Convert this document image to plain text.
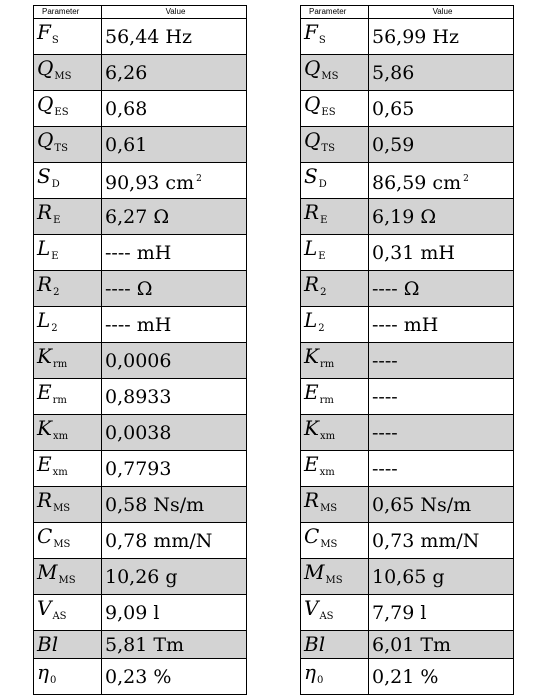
Parameter	Value
$F_S$	56,44 Hz
$Q_{MS}$	6,26
$Q_{ES}$	0,68
$Q_{TS}$	0,61
$S_D$	90,93 cm $^2$
$R_E$	6,27 Ω
$L_E$	---- mH
$R_2$	---- Ω
$L_2$	---- mH
$K_{rm}$	0,0006
$E_{rm}$	0,8933
$K_{xm}$	0,0038
$E_{xm}$	0,7793
$R_{MS}$	0,58 Ns/m
$C_{MS}$	0,78 mm/N
$M_{MS}$	10,26 g
$V_{AS}$	9,09 l
Bl	5,81 Tm
$\eta_0$	0,23 %
Parameter	Value
$F_S$	56,99 Hz
$Q_{MS}$	5,86
$Q_{ES}$	0,65
$Q_{TS}$	0,59
$S_D$	86,59 cm $^2$
$R_E$	6,19 Ω
$L_E$	0,31 mH
$R_2$	---- Ω
$L_2$	---- mH
$K_{rm}$	----
$E_{rm}$	----
$K_{xm}$	----
$E_{xm}$	----
$R_{MS}$	0,65 Ns/m
$C_{MS}$	0,73 mm/N
$M_{MS}$	10,65 g
$V_{AS}$	7,79 l
Bl	6,01 Tm
$\eta_0$	0,21 %
